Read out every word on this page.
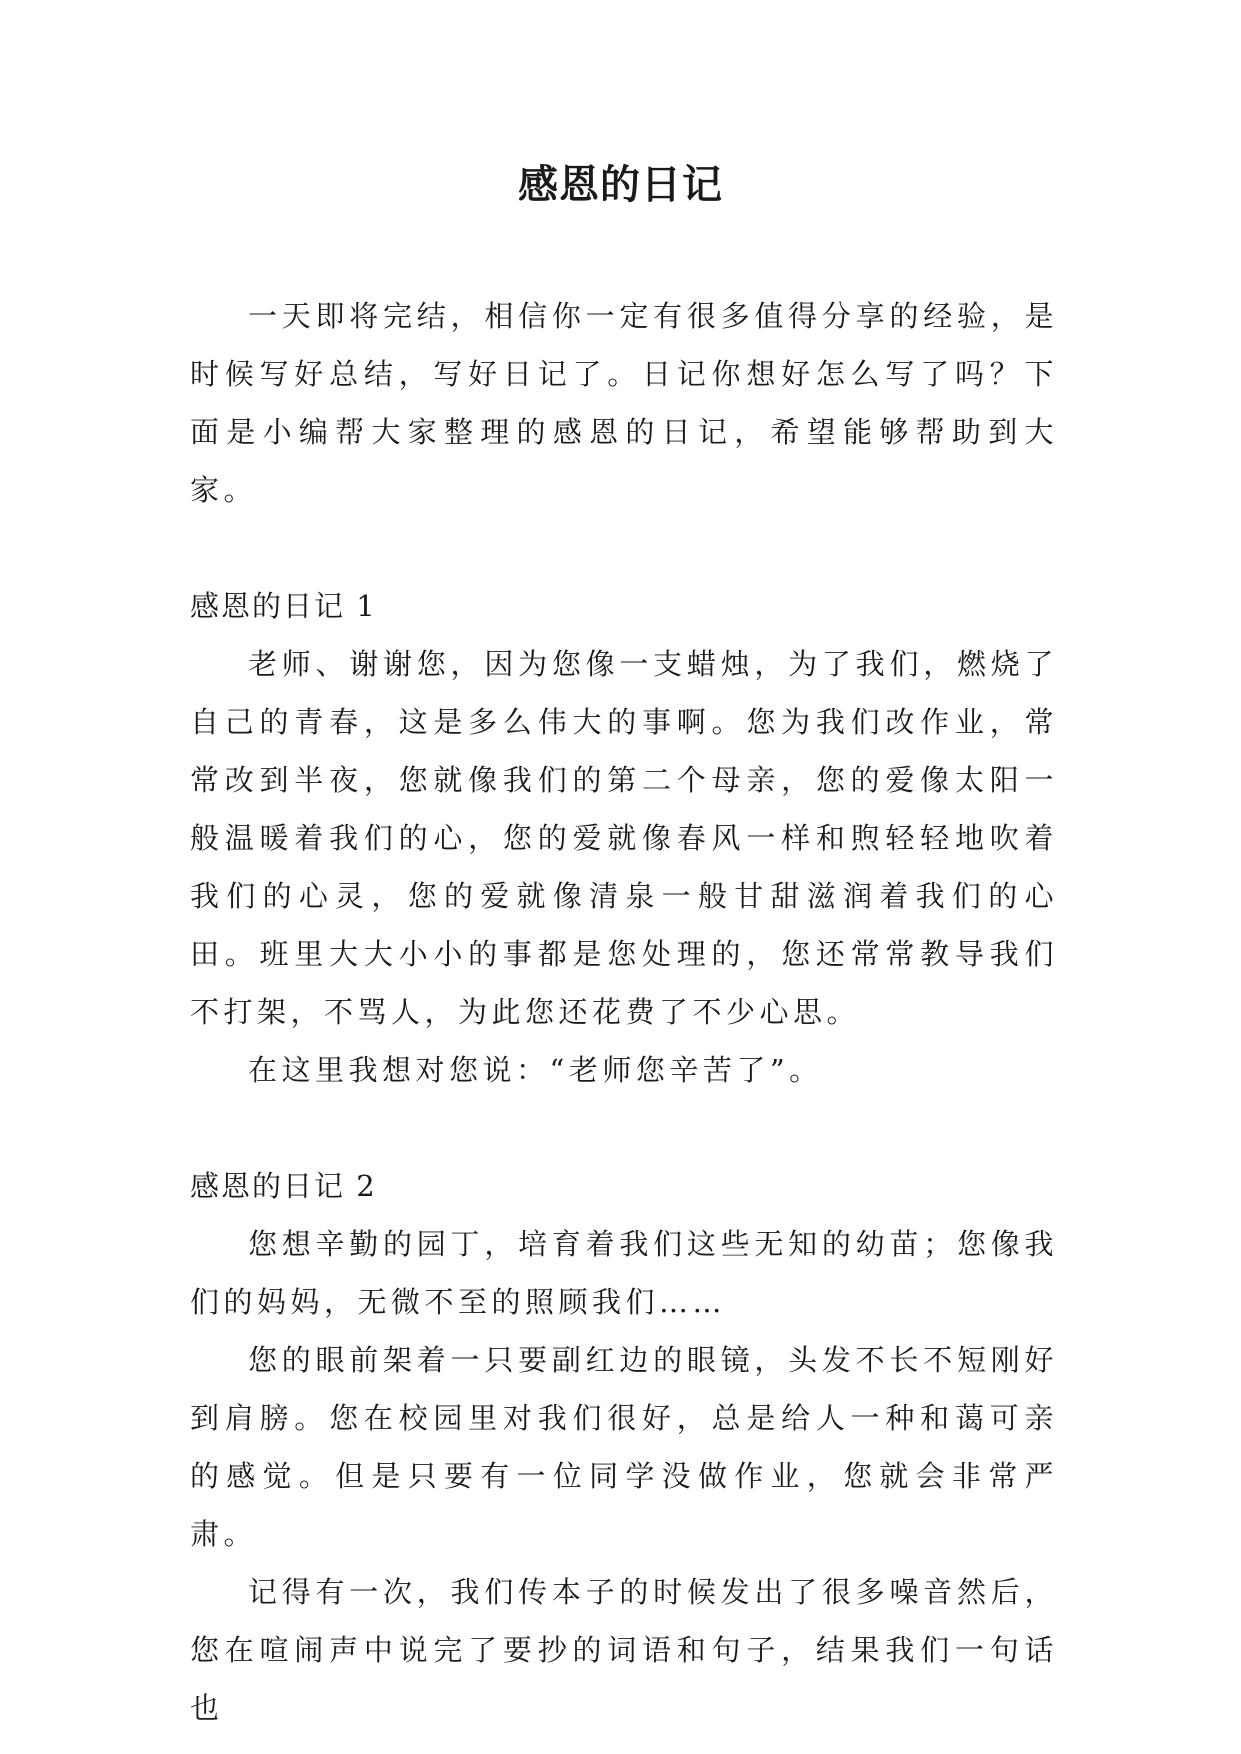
感恩的日记

一天即将完结，相信你一定有很多值得分享的经验，是时候写好总结，写好日记了。日记你想好怎么写了吗？下面是小编帮大家整理的感恩的日记，希望能够帮助到大家。

感恩的日记 1

老师、谢谢您，因为您像一支蜡烛，为了我们，燃烧了自己的青春，这是多么伟大的事啊。您为我们改作业，常常改到半夜，您就像我们的第二个母亲，您的爱像太阳一般温暖着我们的心，您的爱就像春风一样和煦轻轻地吹着我们的心灵，您的爱就像清泉一般甘甜滋润着我们的心田。班里大大小小的事都是您处理的，您还常常教导我们不打架，不骂人，为此您还花费了不少心思。

在这里我想对您说：“老师您辛苦了”。

感恩的日记 2

您想辛勤的园丁，培育着我们这些无知的幼苗；您像我们的妈妈，无微不至的照顾我们……

您的眼前架着一只要副红边的眼镜，头发不长不短刚好到肩膀。您在校园里对我们很好，总是给人一种和蔼可亲的感觉。但是只要有一位同学没做作业，您就会非常严肃。

记得有一次，我们传本子的时候发出了很多噪音然后，您在喧闹声中说完了要抄的词语和句子，结果我们一句话也
